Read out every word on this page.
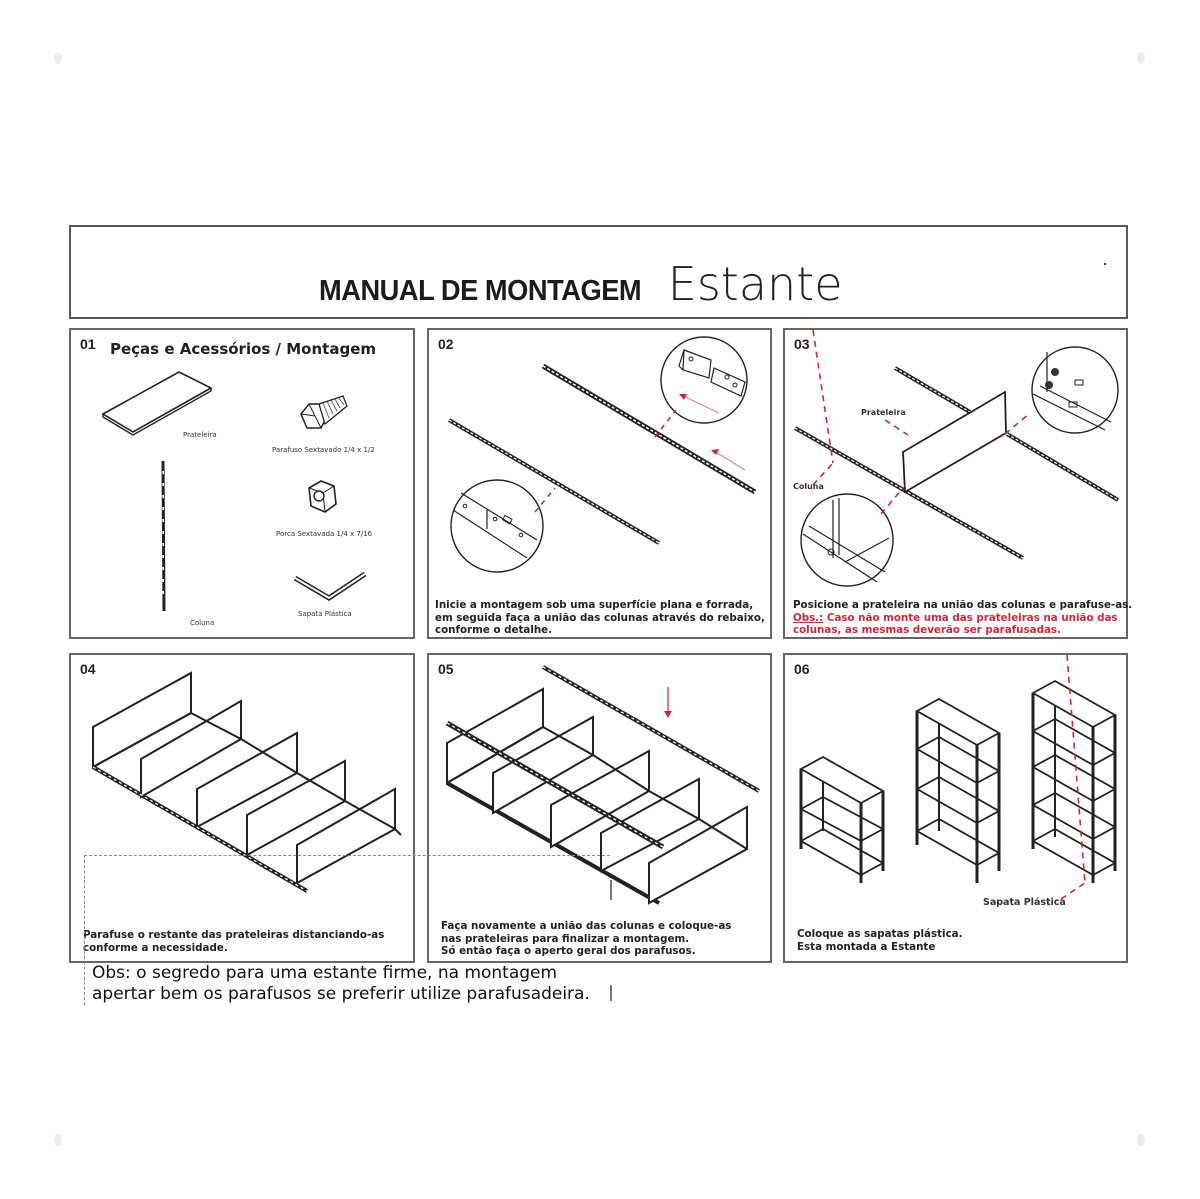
MANUAL DE MONTAGEM Estante
01 Peças e Acessórios / Montagem
Prateleira
Parafuso Sextavado 1/4 x 1/2
Porca Sextavada 1/4 x 7/16
Sapata Plástica
Coluna
02
Inicie a montagem sob uma superfície plana e forrada,
em seguida faça a união das colunas através do rebaixo,
conforme o detalhe.
03
Prateleira
Coluna
Posicione a prateleira na união das colunas e parafuse-as.
Obs.: Caso não monte uma das prateleiras na união das
colunas, as mesmas deverão ser parafusadas.
04
Parafuse o restante das prateleiras distanciando-as
conforme a necessidade.
05
Faça novamente a união das colunas e coloque-as
nas prateleiras para finalizar a montagem.
Só então faça o aperto geral dos parafusos.
06
Sapata Plástica
Coloque as sapatas plástica.
Esta montada a Estante
Obs: o segredo para uma estante firme, na montagem
apertar bem os parafusos se preferir utilize parafusadeira.
